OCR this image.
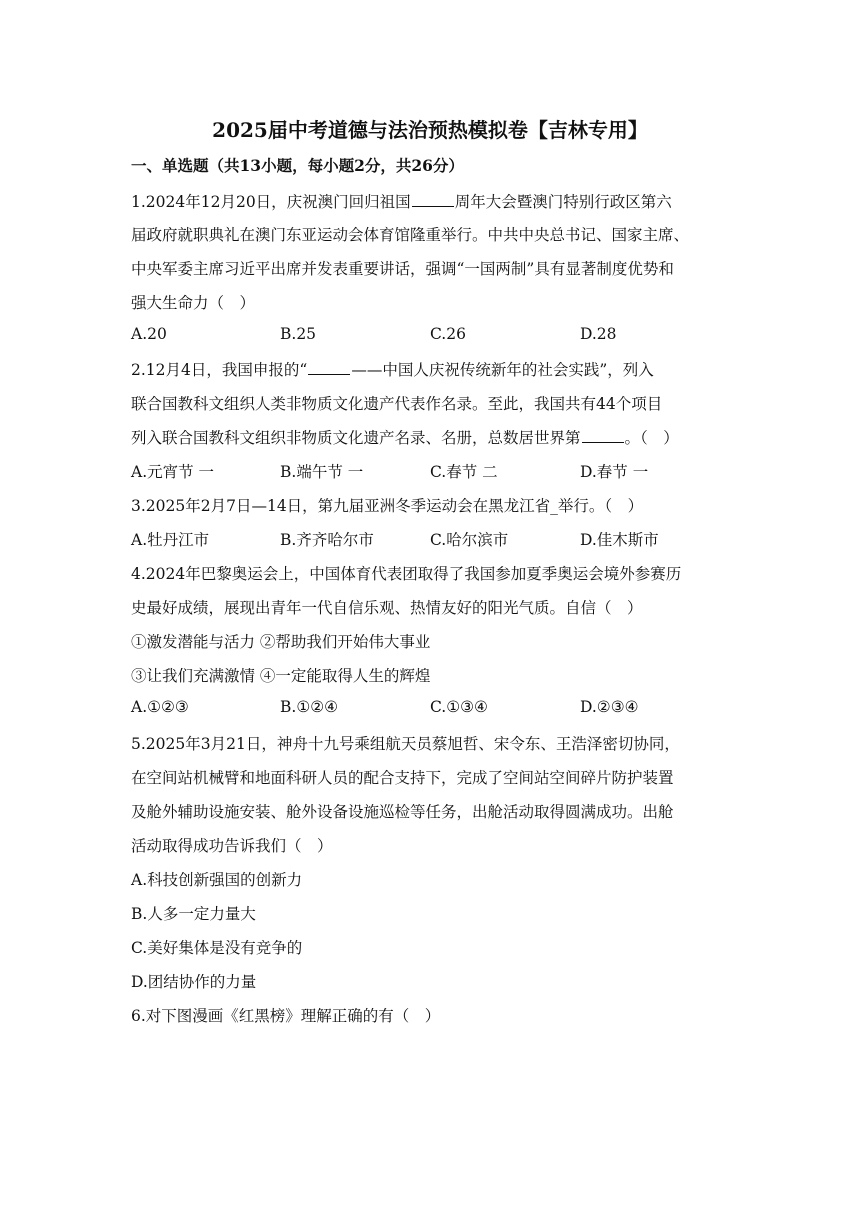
2025届中考道德与法治预热模拟卷【吉林专用】
一、单选题（共13小题，每小题2分，共26分）
1.2024年12月20日，庆祝澳门回归祖国	周年大会暨澳门特别行政区第六
届政府就职典礼在澳门东亚运动会体育馆隆重举行。中共中央总书记、国家主席、
中央军委主席习近平出席并发表重要讲话，强调“一国两制”具有显著制度优势和
强大生命力（　）
A.20	B.25	C.26	D.28
2.12月4日，我国申报的“	——中国人庆祝传统新年的社会实践”，列入
联合国教科文组织人类非物质文化遗产代表作名录。至此，我国共有44个项目
列入联合国教科文组织非物质文化遗产名录、名册，总数居世界第	。（　）
A.元宵节 一	B.端午节 一	C.春节 二	D.春节 一
3.2025年2月7日—14日，第九届亚洲冬季运动会在黑龙江省_举行。（　）
A.牡丹江市	B.齐齐哈尔市	C.哈尔滨市	D.佳木斯市
4.2024年巴黎奥运会上，中国体育代表团取得了我国参加夏季奥运会境外参赛历
史最好成绩，展现出青年一代自信乐观、热情友好的阳光气质。自信（　）
①激发潜能与活力 ②帮助我们开始伟大事业
③让我们充满激情 ④一定能取得人生的辉煌
A.①②③	B.①②④	C.①③④	D.②③④
5.2025年3月21日，神舟十九号乘组航天员蔡旭哲、宋令东、王浩泽密切协同，
在空间站机械臂和地面科研人员的配合支持下，完成了空间站空间碎片防护装置
及舱外辅助设施安装、舱外设备设施巡检等任务，出舱活动取得圆满成功。出舱
活动取得成功告诉我们（　）
A.科技创新强国的创新力
B.人多一定力量大
C.美好集体是没有竞争的
D.团结协作的力量
6.对下图漫画《红黑榜》理解正确的有（　）
